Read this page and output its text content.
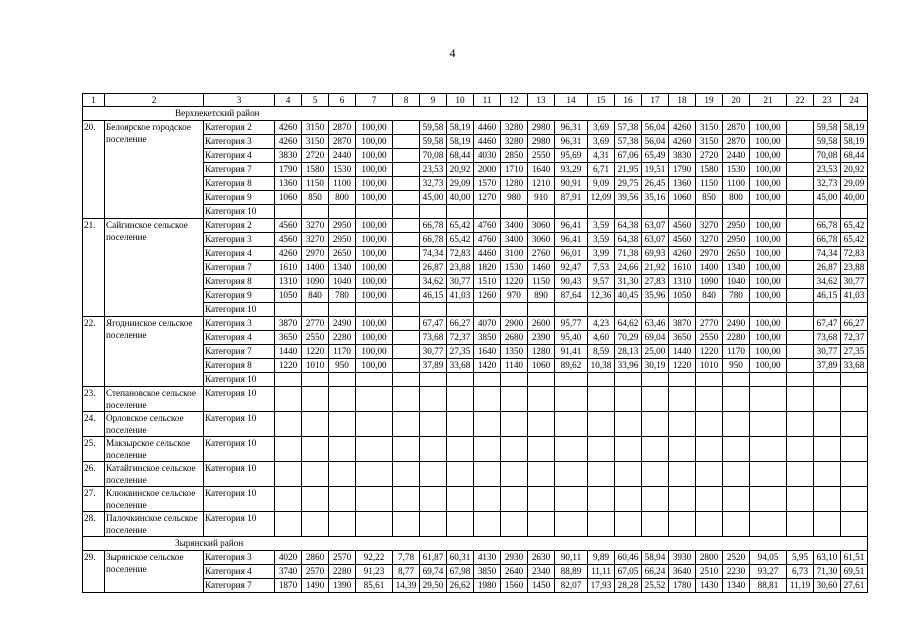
4
1	2	3	4	5	6	7	8	9	10	11	12	13	14	15	16	17	18	19	20	21	22	23	24
Верхнекетский район																							
20.	Белоярское городское поселение	Категория 2	4260	3150	2870	100,00		59,58	58,19	4460	3280	2980	96,31	3,69	57,38	56,04	4260	3150	2870	100,00		59,58	58,19
		Категория 3	4260	3150	2870	100,00		59,58	58,19	4460	3280	2980	96,31	3,69	57,38	56,04	4260	3150	2870	100,00		59,58	58,19
		Категория 4	3830	2720	2440	100,00		70,08	68,44	4030	2850	2550	95,69	4,31	67,06	65,49	3830	2720	2440	100,00		70,08	68,44
		Категория 7	1790	1580	1530	100,00		23,53	20,92	2000	1710	1640	93,29	6,71	21,95	19,51	1790	1580	1530	100,00		23,53	20,92
		Категория 8	1360	1150	1100	100,00		32,73	29,09	1570	1280	1210	90,91	9,09	29,75	26,45	1360	1150	1100	100,00		32,73	29,09
		Категория 9	1060	850	800	100,00		45,00	40,00	1270	980	910	87,91	12,09	39,56	35,16	1060	850	800	100,00		45,00	40,00
		Категория 10																					
21.	Сайгинское сельское поселение	Категория 2	4560	3270	2950	100,00		66,78	65,42	4760	3400	3060	96,41	3,59	64,38	63,07	4560	3270	2950	100,00		66,78	65,42
		Категория 3	4560	3270	2950	100,00		66,78	65,42	4760	3400	3060	96,41	3,59	64,38	63,07	4560	3270	2950	100,00		66,78	65,42
		Категория 4	4260	2970	2650	100,00		74,34	72,83	4460	3100	2760	96,01	3,99	71,38	69,93	4260	2970	2650	100,00		74,34	72,83
		Категория 7	1610	1400	1340	100,00		26,87	23,88	1820	1530	1460	92,47	7,53	24,66	21,92	1610	1400	1340	100,00		26,87	23,88
		Категория 8	1310	1090	1040	100,00		34,62	30,77	1510	1220	1150	90,43	9,57	31,30	27,83	1310	1090	1040	100,00		34,62	30,77
		Категория 9	1050	840	780	100,00		46,15	41,03	1260	970	890	87,64	12,36	40,45	35,96	1050	840	780	100,00		46,15	41,03
		Категория 10																					
22.	Ягоднинское сельское поселение	Категория 3	3870	2770	2490	100,00		67,47	66,27	4070	2900	2600	95,77	4,23	64,62	63,46	3870	2770	2490	100,00		67,47	66,27
		Категория 4	3650	2550	2280	100,00		73,68	72,37	3850	2680	2390	95,40	4,60	70,29	69,04	3650	2550	2280	100,00		73,68	72,37
		Категория 7	1440	1220	1170	100,00		30,77	27,35	1640	1350	1280	91,41	8,59	28,13	25,00	1440	1220	1170	100,00		30,77	27,35
		Категория 8	1220	1010	950	100,00		37,89	33,68	1420	1140	1060	89,62	10,38	33,96	30,19	1220	1010	950	100,00		37,89	33,68
		Категория 10																					
23.	Степановское сельское поселение	Категория 10																					
24.	Орловское сельское поселение	Категория 10																					
25.	Макзырское сельское поселение	Категория 10																					
26.	Катайгинское сельское поселение	Категория 10																					
27.	Клюквинское сельское поселение	Категория 10																					
28.	Палочкинское сельское поселение	Категория 10																					
Зырянский район																							
29.	Зырянское сельское поселение	Категория 3	4020	2860	2570	92,22	7,78	61,87	60,31	4130	2930	2630	90,11	9,89	60,46	58,94	3930	2800	2520	94,05	5,95	63,10	61,51
		Категория 4	3740	2570	2280	91,23	8,77	69,74	67,98	3850	2640	2340	88,89	11,11	67,05	66,24	3640	2510	2230	93,27	6,73	71,30	69,51
		Категория 7	1870	1490	1390	85,61	14,39	29,50	26,62	1980	1560	1450	82,07	17,93	28,28	25,52	1780	1430	1340	88,81	11,19	30,60	27,61
